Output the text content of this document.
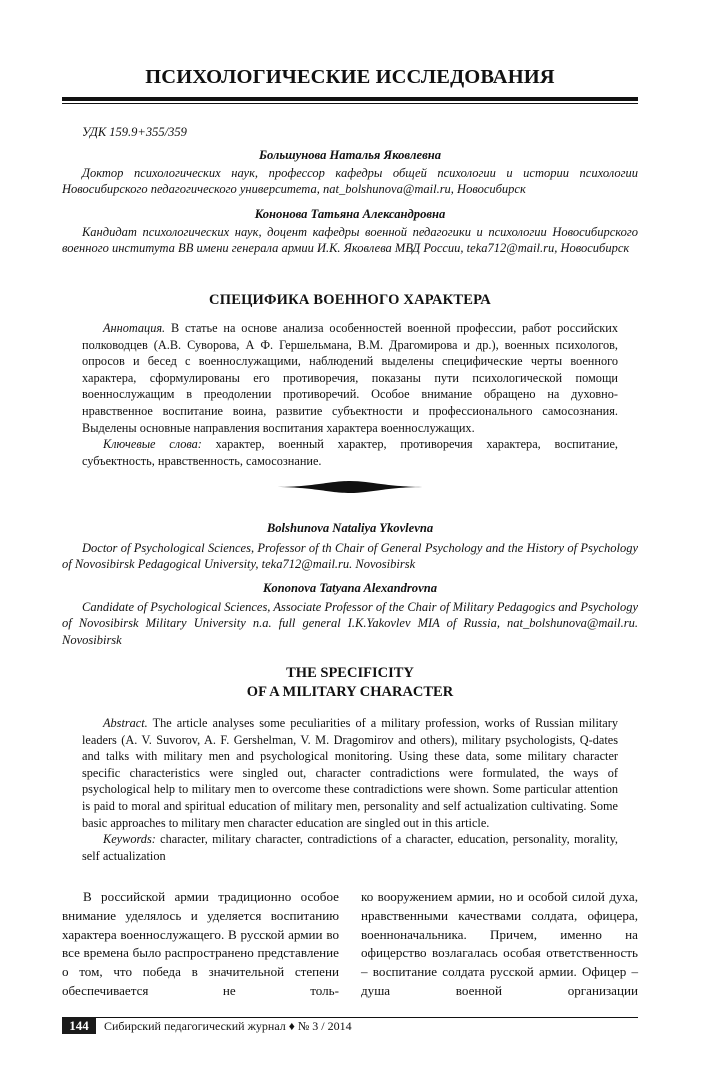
ПСИХОЛОГИЧЕСКИЕ ИССЛЕДОВАНИЯ
УДК 159.9+355/359
Большунова Наталья Яковлевна
Доктор психологических наук, профессор кафедры общей психологии и истории психологии Новосибирского педагогического университета, nat_bolshunova@mail.ru, Новосибирск
Кононова Татьяна Александровна
Кандидат психологических наук, доцент кафедры военной педагогики и психологии Новосибирского военного института ВВ имени генерала армии И.К. Яковлева МВД России, teka712@mail.ru, Новосибирск
СПЕЦИФИКА ВОЕННОГО ХАРАКТЕРА

Аннотация. В статье на основе анализа особенностей военной профессии, работ российских полководцев (А.В. Суворова, А Ф. Гершельмана, В.М. Драгомирова и др.), военных психологов, опросов и бесед с военнослужащими, наблюдений выделены специфические черты военного характера, сформулированы его противоречия, показаны пути психологической помощи военнослужащим в преодолении противоречий. Особое внимание обращено на духовно-нравственное воспитание воина, развитие субъектности и профессионального самосознания. Выделены основные направления воспитания характера военнослужащих.

Ключевые слова: характер, военный характер, противоречия характера, воспитание, субъектность, нравственность, самосознание.

Bolshunova Nataliya Ykovlevna
Doctor of Psychological Sciences, Professor of th Chair of General Psychology and the History of Psychology of Novosibirsk Pedagogical University, teka712@mail.ru. Novosibirsk
Kononova Tatyana Alexandrovna
Candidate of Psychological Sciences, Associate Professor of the Chair of Military Pedagogics and Psychology of Novosibirsk Military University n.a. full general I.K.Yakovlev MIA of Russia, nat_bolshunova@mail.ru. Novosibirsk
THE SPECIFICITY
OF A MILITARY CHARACTER

Abstract. The article analyses some peculiarities of a military profession, works of Russian military leaders (A. V. Suvorov, A. F. Gershelman, V. M. Dragomirov and others), military psychologists, Q-dates and talks with military men and psychological monitoring. Using these data, some military character specific characteristics were singled out, character contradictions were formulated, the ways of psychological help to military men to overcome these contradictions were shown. Some particular attention is paid to moral and spiritual education of military men, personality and self actualization cultivating. Some basic approaches to military men character education are singled out in this article.

Keywords: character, military character, contradictions of a character, education, personality, morality, self actualization

В российской армии традиционно особое внимание уделялось и уделяется воспитанию характера военнослужащего. В русской армии во все времена было распространено представление о том, что победа в значительной степени обеспечивается не толь-

ко вооружением армии, но и особой силой духа, нравственными качествами солдата, офицера, военноначальника. Причем, именно на офицерство возлагалась особая ответственность – воспитание солдата русской армии. Офицер – душа военной организации

144	Сибирский педагогический журнал ♦ № 3 / 2014
